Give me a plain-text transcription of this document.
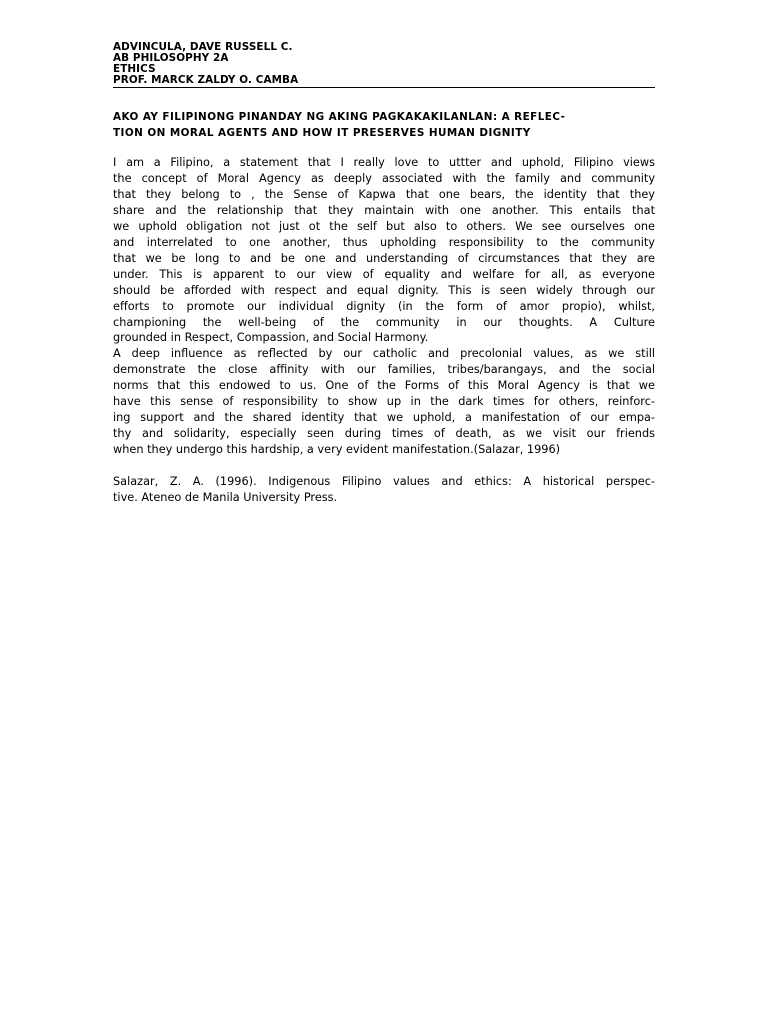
ADVINCULA, DAVE RUSSELL C.
AB PHILOSOPHY 2A
ETHICS
PROF. MARCK ZALDY O. CAMBA
AKO AY FILIPINONG PINANDAY NG AKING PAGKAKAKILANLAN: A REFLEC-
TION ON MORAL AGENTS AND HOW IT PRESERVES HUMAN DIGNITY
I am a Filipino, a statement that I really love to uttter and uphold, Filipino views
the concept of Moral Agency as deeply associated with the family and community
that they belong to , the Sense of Kapwa that one bears, the identity that they
share and the relationship that they maintain with one another. This entails that
we uphold obligation not just ot the self but also to others. We see ourselves one
and interrelated to one another, thus upholding responsibility to the community
that we be long to and be one and understanding of circumstances that they are
under. This is apparent to our view of equality and welfare for all, as everyone
should be afforded with respect and equal dignity. This is seen widely through our
efforts to promote our individual dignity (in the form of amor propio), whilst,
championing the well-being of the community in our thoughts. A Culture
grounded in Respect, Compassion, and Social Harmony.
A deep influence as reflected by our catholic and precolonial values, as we still
demonstrate the close affinity with our families, tribes/barangays, and the social
norms that this endowed to us. One of the Forms of this Moral Agency is that we
have this sense of responsibility to show up in the dark times for others, reinforc-
ing support and the shared identity that we uphold, a manifestation of our empa-
thy and solidarity, especially seen during times of death, as we visit our friends
when they undergo this hardship, a very evident manifestation.(Salazar, 1996)
Salazar, Z. A. (1996). Indigenous Filipino values and ethics: A historical perspec-
tive. Ateneo de Manila University Press.
